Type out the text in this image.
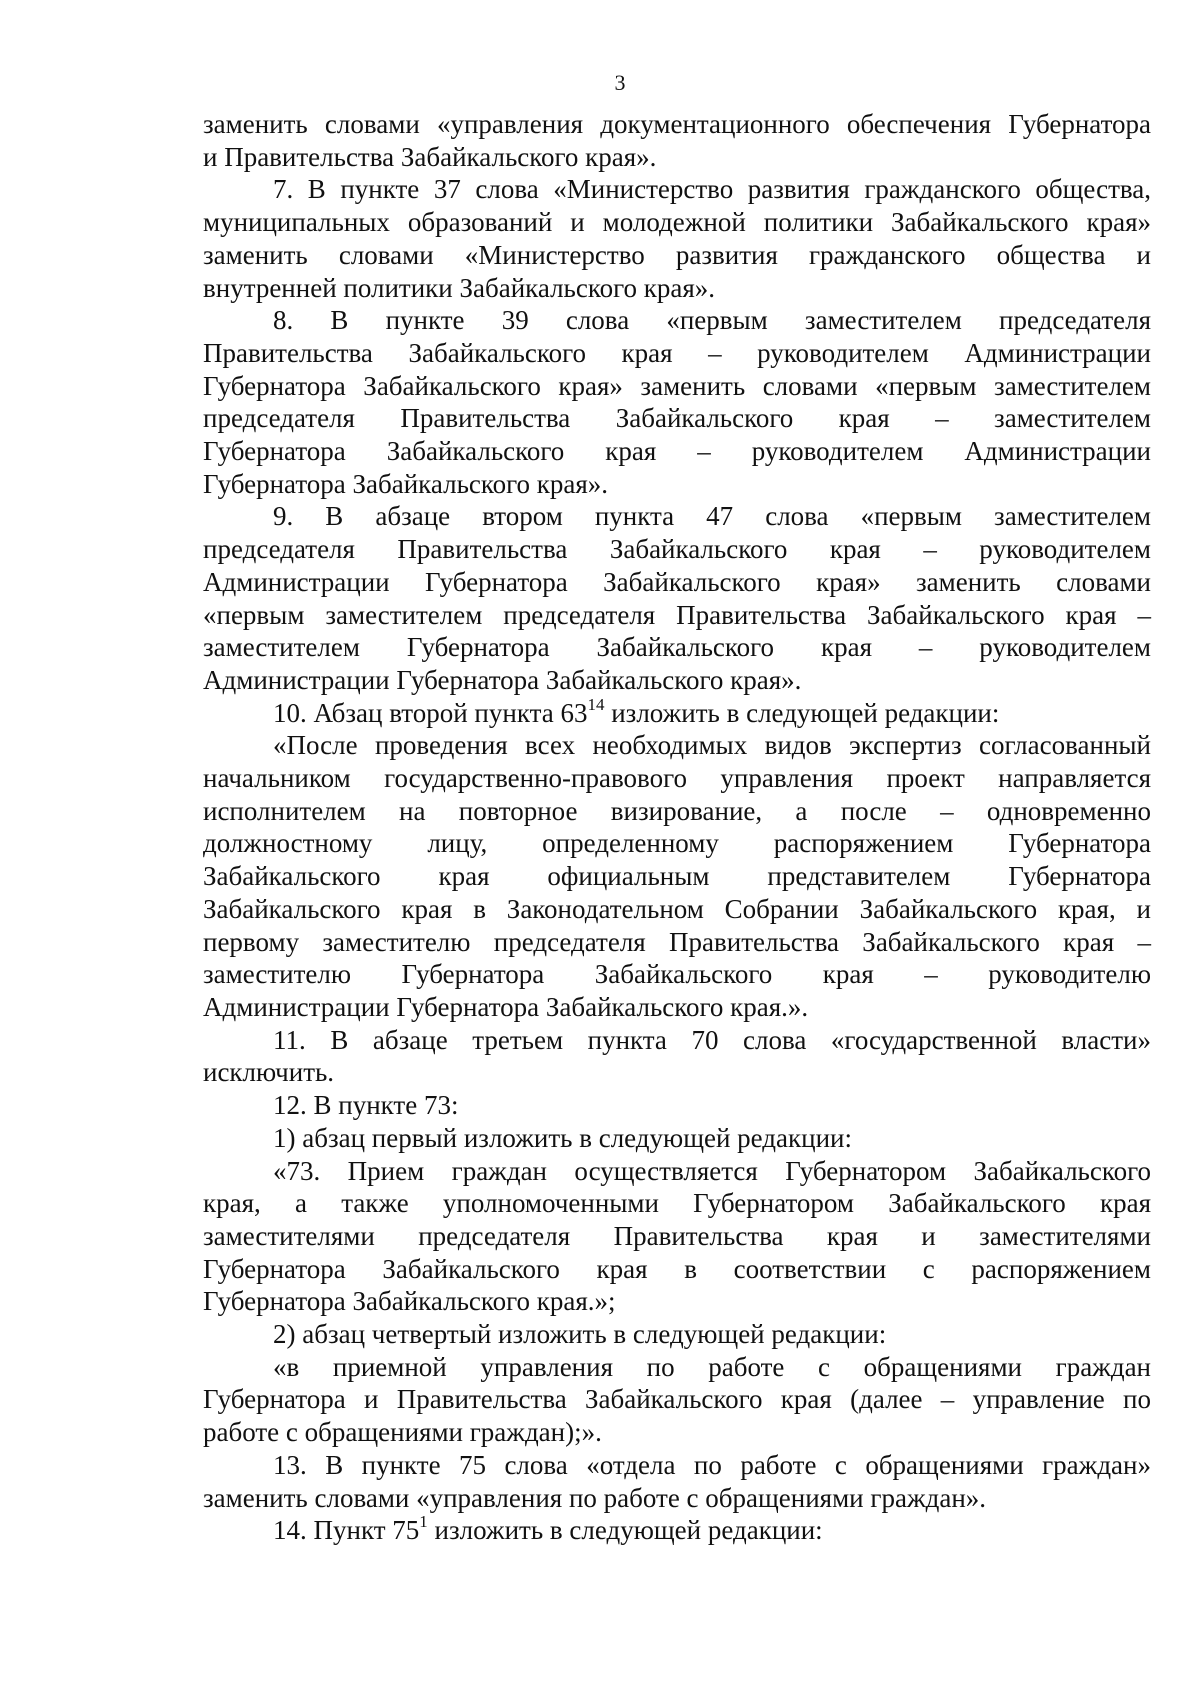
3
заменить словами «управления документационного обеспечения Губернатора
и Правительства Забайкальского края».
7. В пункте 37 слова «Министерство развития гражданского общества,
муниципальных образований и молодежной политики Забайкальского края»
заменить словами «Министерство развития гражданского общества и
внутренней политики Забайкальского края».
8. В пункте 39 слова «первым заместителем председателя
Правительства Забайкальского края – руководителем Администрации
Губернатора Забайкальского края» заменить словами «первым заместителем
председателя Правительства Забайкальского края – заместителем
Губернатора Забайкальского края – руководителем Администрации
Губернатора Забайкальского края».
9. В абзаце втором пункта 47 слова «первым заместителем
председателя Правительства Забайкальского края – руководителем
Администрации Губернатора Забайкальского края» заменить словами
«первым заместителем председателя Правительства Забайкальского края –
заместителем Губернатора Забайкальского края – руководителем
Администрации Губернатора Забайкальского края».
10. Абзац второй пункта $63^{14}$ изложить в следующей редакции:
«После проведения всех необходимых видов экспертиз согласованный
начальником государственно-правового управления проект направляется
исполнителем на повторное визирование, а после – одновременно
должностному лицу, определенному распоряжением Губернатора
Забайкальского края официальным представителем Губернатора
Забайкальского края в Законодательном Собрании Забайкальского края, и
первому заместителю председателя Правительства Забайкальского края –
заместителю Губернатора Забайкальского края – руководителю
Администрации Губернатора Забайкальского края.».
11. В абзаце третьем пункта 70 слова «государственной власти»
исключить.
12. В пункте 73:
1) абзац первый изложить в следующей редакции:
«73. Прием граждан осуществляется Губернатором Забайкальского
края, а также уполномоченными Губернатором Забайкальского края
заместителями председателя Правительства края и заместителями
Губернатора Забайкальского края в соответствии с распоряжением
Губернатора Забайкальского края.»;
2) абзац четвертый изложить в следующей редакции:
«в приемной управления по работе с обращениями граждан
Губернатора и Правительства Забайкальского края (далее – управление по
работе с обращениями граждан);».
13. В пункте 75 слова «отдела по работе с обращениями граждан»
заменить словами «управления по работе с обращениями граждан».
14. Пункт $75^1$ изложить в следующей редакции:
